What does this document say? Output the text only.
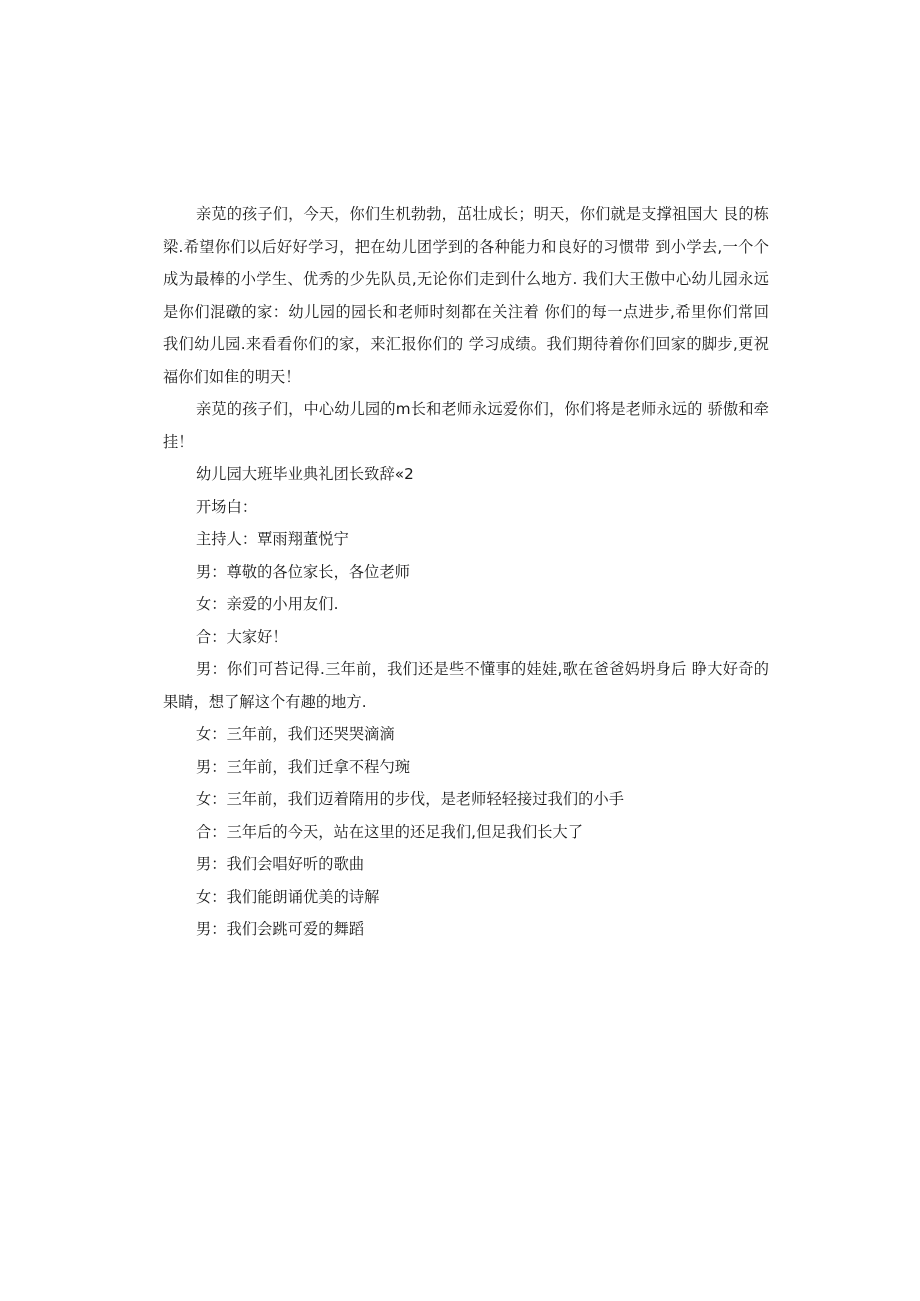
亲苋的孩子们，今天，你们生机勃勃，茁壮成长；明天，你们就是支撑祖国大 艮的栋梁.希望你们以后好好学习，把在幼儿团学到的各种能力和良好的习惯带 到小学去,一个个成为最棒的小学生、优秀的少先队员,无论你们走到什么地方. 我们大王傲中心幼儿园永远是你们混礅的家：幼儿园的园长和老师时刻都在关注着 你们的每一点进步,希里你们常回我们幼儿园.来看看你们的家，来汇报你们的 学习成绩。我们期待着你们回家的脚步,更祝福你们如隹的明天！

亲苋的孩子们，中心幼儿园的m长和老师永远爱你们，你们将是老师永远的 骄傲和牵挂！

幼儿园大班毕业典礼团长致辞«2

开场白：

主持人：覃雨翔董悦宁

男：尊敬的各位家长，各位老师

女：亲爱的小用友们.

合：大家好！

男：你们可苔记得.三年前，我们还是些不懂事的娃娃,歌在爸爸妈坍身后 睁大好奇的果睛，想了解这个有趣的地方.

女：三年前，我们还哭哭滴滴

男：三年前，我们迁拿不程勺琬

女：三年前，我们迈着隋用的步伐，是老师轻轻接过我们的小手

合：三年后的今天，站在这里的还足我们,但足我们长大了

男：我们会唱好听的歌曲

女：我们能朗诵优美的诗解

男：我们会跳可爱的舞蹈
